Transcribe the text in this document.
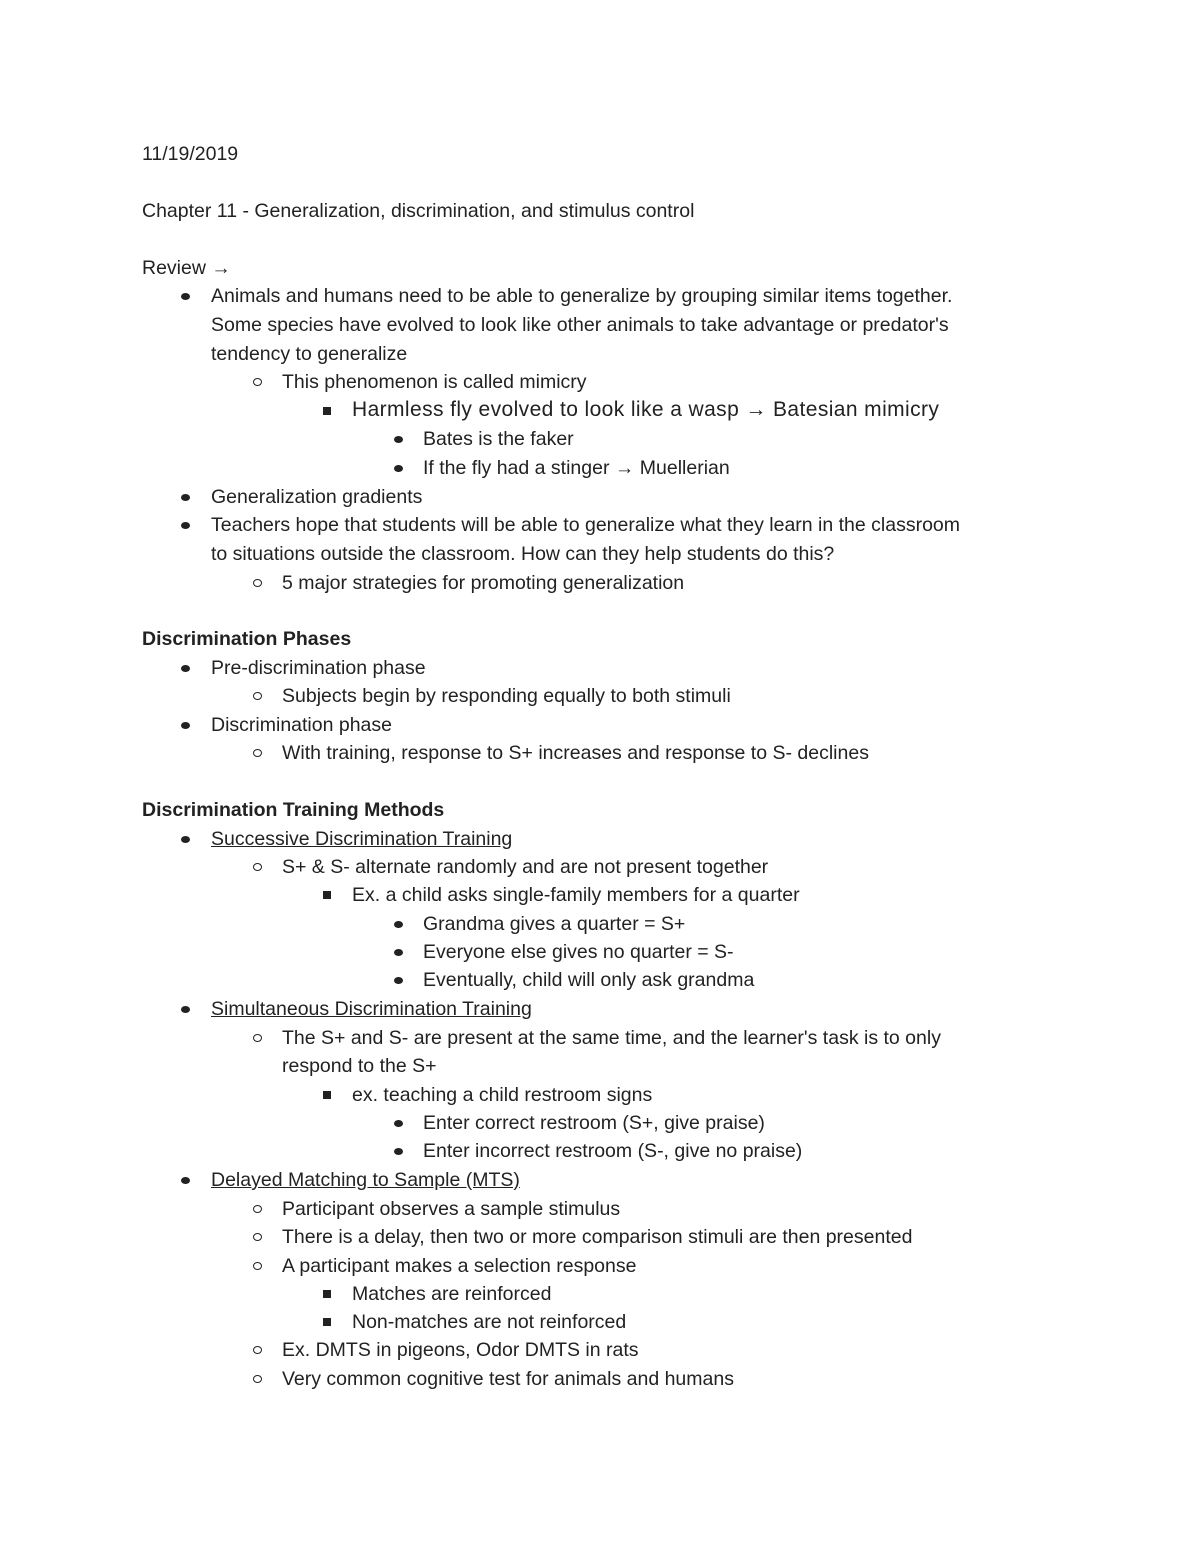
11/19/2019
Chapter 11 - Generalization, discrimination, and stimulus control
Review →
Animals and humans need to be able to generalize by grouping similar items together.
Some species have evolved to look like other animals to take advantage or predator's
tendency to generalize
This phenomenon is called mimicry
Harmless fly evolved to look like a wasp → Batesian mimicry
Bates is the faker
If the fly had a stinger → Muellerian
Generalization gradients
Teachers hope that students will be able to generalize what they learn in the classroom
to situations outside the classroom. How can they help students do this?
5 major strategies for promoting generalization
Discrimination Phases
Pre-discrimination phase
Subjects begin by responding equally to both stimuli
Discrimination phase
With training, response to S+ increases and response to S- declines
Discrimination Training Methods
Successive Discrimination Training
S+ & S- alternate randomly and are not present together
Ex. a child asks single-family members for a quarter
Grandma gives a quarter = S+
Everyone else gives no quarter = S-
Eventually, child will only ask grandma
Simultaneous Discrimination Training
The S+ and S- are present at the same time, and the learner's task is to only
respond to the S+
ex. teaching a child restroom signs
Enter correct restroom (S+, give praise)
Enter incorrect restroom (S-, give no praise)
Delayed Matching to Sample (MTS)
Participant observes a sample stimulus
There is a delay, then two or more comparison stimuli are then presented
A participant makes a selection response
Matches are reinforced
Non-matches are not reinforced
Ex. DMTS in pigeons, Odor DMTS in rats
Very common cognitive test for animals and humans
